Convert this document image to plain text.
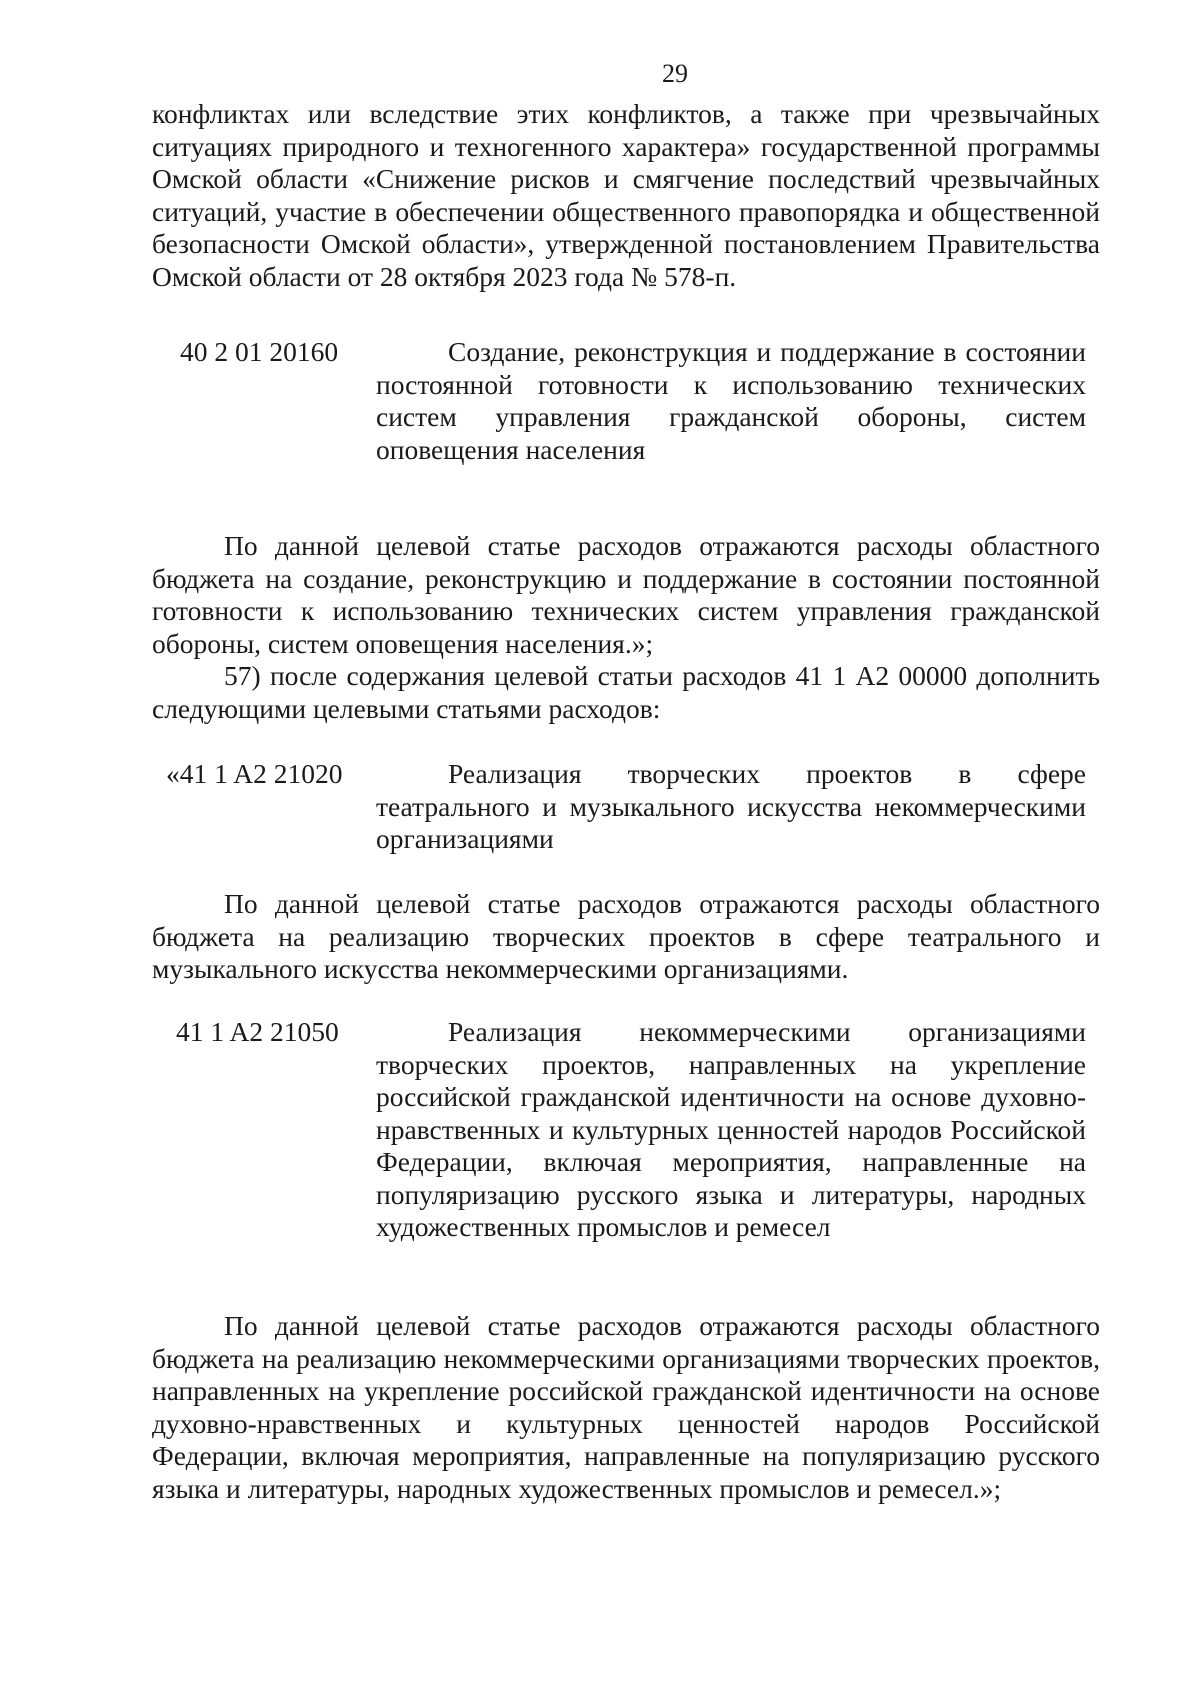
29

конфликтах или вследствие этих конфликтов, а также при чрезвычайных ситуациях природного и техногенного характера» государственной программы Омской области «Снижение рисков и смягчение последствий чрезвычайных ситуаций, участие в обеспечении общественного правопорядка и общественной безопасности Омской области», утвержденной постановлением Правительства Омской области от 28 октября 2023 года № 578-п.

40 2 01 20160	Создание, реконструкция и поддержание в состоянии постоянной готовности к использованию технических систем управления гражданской обороны, систем оповещения населения

По данной целевой статье расходов отражаются расходы областного бюджета на создание, реконструкцию и поддержание в состоянии постоянной готовности к использованию технических систем управления гражданской обороны, систем оповещения населения.»;

57) после содержания целевой статьи расходов 41 1 A2 00000 дополнить следующими целевыми статьями расходов:

«41 1 A2 21020	Реализация творческих проектов в сфере театрального и музыкального искусства некоммерческими организациями

По данной целевой статье расходов отражаются расходы областного бюджета на реализацию творческих проектов в сфере театрального и музыкального искусства некоммерческими организациями.

41 1 A2 21050	Реализация некоммерческими организациями творческих проектов, направленных на укрепление российской гражданской идентичности на основе духовно-нравственных и культурных ценностей народов Российской Федерации, включая мероприятия, направленные на популяризацию русского языка и литературы, народных художественных промыслов и ремесел

По данной целевой статье расходов отражаются расходы областного бюджета на реализацию некоммерческими организациями творческих проектов, направленных на укрепление российской гражданской идентичности на основе духовно-нравственных и культурных ценностей народов Российской Федерации, включая мероприятия, направленные на популяризацию русского языка и литературы, народных художественных промыслов и ремесел.»;
